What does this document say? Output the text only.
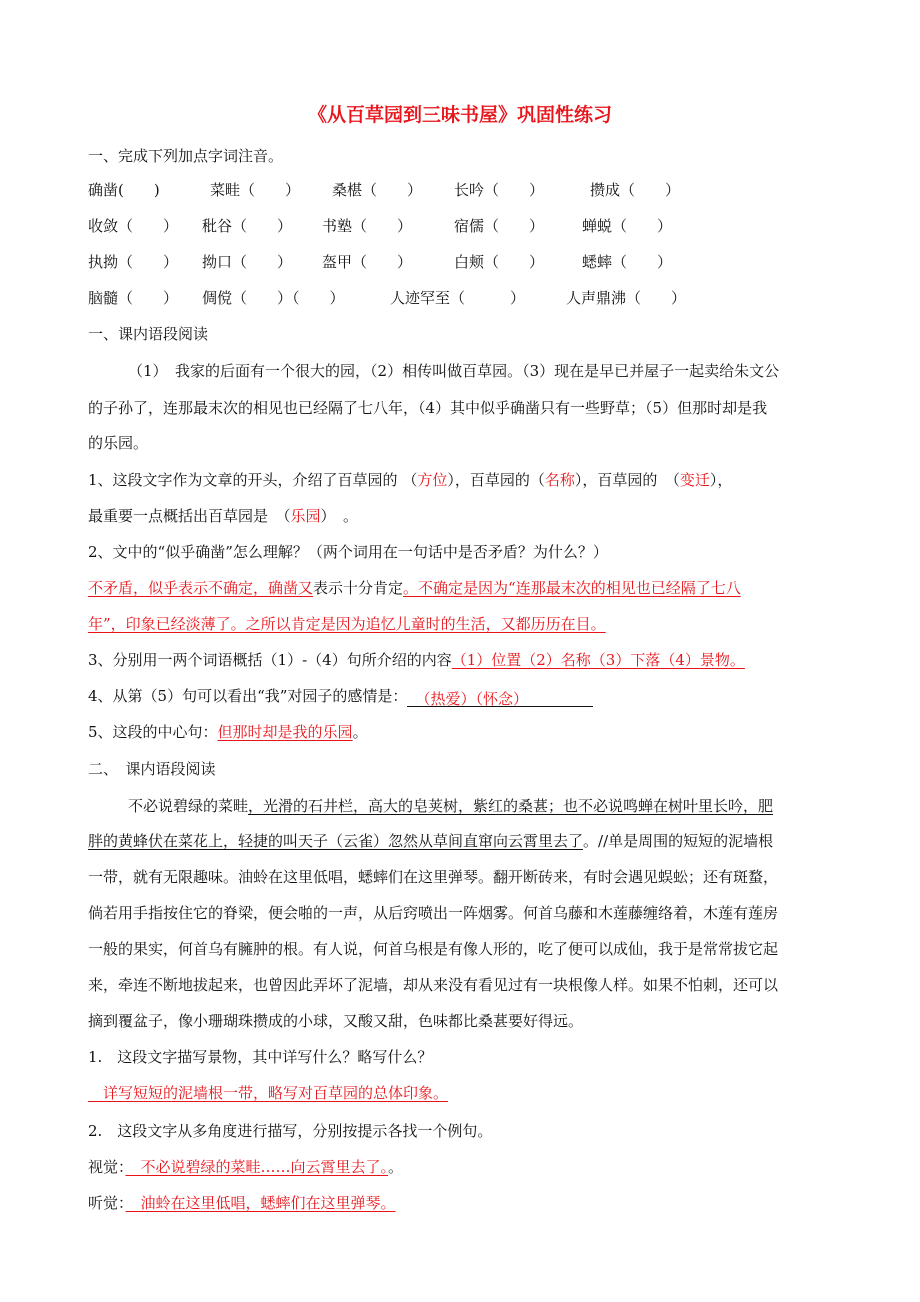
《从百草园到三味书屋》巩固性练习
一、完成下列加点字词注音。
确凿(　　)	菜畦（　　） 桑椹（　　） 长吟（　　）	攒成（　　）
收敛（　　） 秕谷（　　） 书塾（　　）	宿儒（　　）	蝉蜕（　　）
执拗（　　） 拗口（　　） 盔甲（　　）	白颊（　　）	蟋蟀（　　）
脑髓（　　） 倜傥（　　）（　　）	人迹罕至（　　　）	人声鼎沸（　　）
一、课内语段阅读
（1）　我家的后面有一个很大的园，（2）相传叫做百草园。（3）现在是早已并屋子一起卖给朱文公
的子孙了，连那最末次的相见也已经隔了七八年，（4）其中似乎确凿只有一些野草；（5）但那时却是我
的乐园。
1、这段文字作为文章的开头，介绍了百草园的 （方位），百草园的（名称），百草园的　（变迁），
最重要一点概括出百草园是　（乐园）　。
2、文中的“似乎确凿”怎么理解？（两个词用在一句话中是否矛盾？为什么？）
不矛盾，似乎表示不确定，确凿又表示十分肯定。不确定是因为“连那最末次的相见也已经隔了七八
年”，印象已经淡薄了。之所以肯定是因为追忆儿童时的生活，又都历历在目。
3、分别用一两个词语概括（1）-（4）句所介绍的内容（1）位置（2）名称（3）下落（4）景物。
4、从第（5）句可以看出“我”对园子的感情是： （热爱）（怀念）
5、这段的中心句：但那时却是我的乐园。
二、　课内语段阅读
不必说碧绿的菜畦，光滑的石井栏，高大的皂荚树，紫红的桑葚；也不必说鸣蝉在树叶里长吟，肥
胖的黄蜂伏在菜花上，轻捷的叫天子（云雀）忽然从草间直窜向云霄里去了。//单是周围的短短的泥墙根
一带，就有无限趣味。油蛉在这里低唱，蟋蟀们在这里弹琴。翻开断砖来，有时会遇见蜈蚣；还有斑蝥，
倘若用手指按住它的脊梁，便会啪的一声，从后窍喷出一阵烟雾。何首乌藤和木莲藤缠络着，木莲有莲房
一般的果实，何首乌有臃肿的根。有人说，何首乌根是有像人形的，吃了便可以成仙，我于是常常拔它起
来，牵连不断地拔起来，也曾因此弄坏了泥墙，却从来没有看见过有一块根像人样。如果不怕刺，还可以
摘到覆盆子，像小珊瑚珠攒成的小球，又酸又甜，色味都比桑葚要好得远。
1.　这段文字描写景物，其中详写什么？略写什么？
　详写短短的泥墙根一带，略写对百草园的总体印象。
2.　这段文字从多角度进行描写，分别按提示各找一个例句。
视觉：　不必说碧绿的菜畦……向云霄里去了。。
听觉：　油蛉在这里低唱，蟋蟀们在这里弹琴。
